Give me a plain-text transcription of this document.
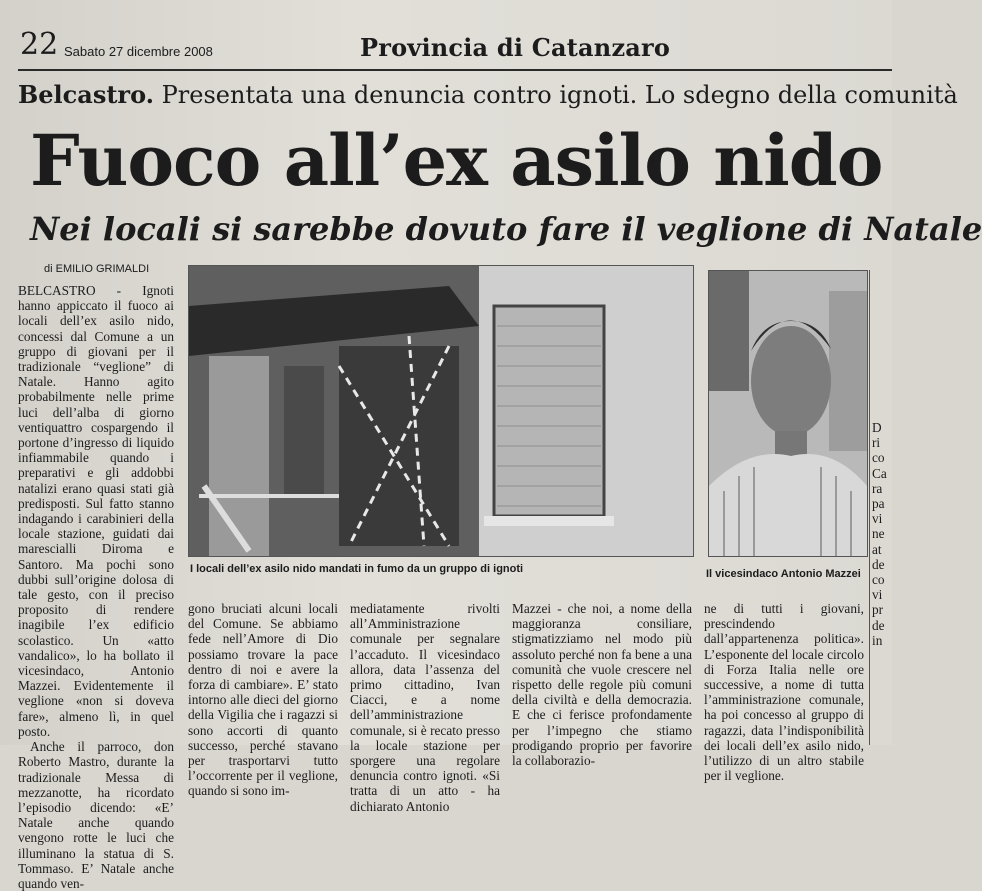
22 Sabato 27 dicembre 2008	Provincia di Catanzaro
Belcastro. Presentata una denuncia contro ignoti. Lo sdegno della comunità
Fuoco all’ex asilo nido
Nei locali si sarebbe dovuto fare il veglione di Natale
di EMILIO GRIMALDI
I locali dell’ex asilo nido mandati in fumo da un gruppo di ignoti	Il vicesindaco Antonio Mazzei

BELCASTRO - Ignoti hanno appiccato il fuoco ai locali dell’ex asilo nido, concessi dal Comune a un gruppo di giovani per il tradizionale “veglione” di Natale. Hanno agito probabilmente nelle prime luci dell’alba di giorno ventiquattro cospargendo il portone d’ingresso di liquido infiammabile quando i preparativi e gli addobbi natalizi erano quasi stati già predisposti. Sul fatto stanno indagando i carabinieri della locale stazione, guidati dai marescialli Diroma e Santoro. Ma pochi sono dubbi sull’origine dolosa di tale gesto, con il preciso proposito di rendere inagibile l’ex edificio scolastico. Un «atto vandalico», lo ha bollato il vicesindaco, Antonio Mazzei. Evidentemente il veglione «non si doveva fare», almeno lì, in quel posto.

Anche il parroco, don Roberto Mastro, durante la tradizionale Messa di mezzanotte, ha ricordato l’episodio dicendo: «E’ Natale anche quando vengono rotte le luci che illuminano la statua di S. Tommaso. E’ Natale anche quando ven-

gono bruciati alcuni locali del Comune. Se abbiamo fede nell’Amore di Dio possiamo trovare la pace dentro di noi e avere la forza di cambiare». E’ stato intorno alle dieci del giorno della Vigilia che i ragazzi si sono accorti di quanto successo, perché stavano per trasportarvi tutto l’occorrente per il veglione, quando si sono im-

mediatamente rivolti all’Amministrazione comunale per segnalare l’accaduto. Il vicesindaco allora, data l’assenza del primo cittadino, Ivan Ciacci, e a nome dell’amministrazione comunale, si è recato presso la locale stazione per sporgere una regolare denuncia contro ignoti. «Si tratta di un atto - ha dichiarato Antonio

Mazzei - che noi, a nome della maggioranza consiliare, stigmatizziamo nel modo più assoluto perché non fa bene a una comunità che vuole crescere nel rispetto delle regole più comuni della civiltà e della democrazia. E che ci ferisce profondamente per l’impegno che stiamo prodigando proprio per favorire la collaborazio-

ne di tutti i giovani, prescindendo dall’appartenenza politica». L’esponente del locale circolo di Forza Italia nelle ore successive, a nome di tutta l’amministrazione comunale, ha poi concesso al gruppo di ragazzi, data l’indisponibilità dei locali dell’ex asilo nido, l’utilizzo di un altro stabile per il veglione.

D ri co Ca ra pa vi ne at de co vi pr de in
